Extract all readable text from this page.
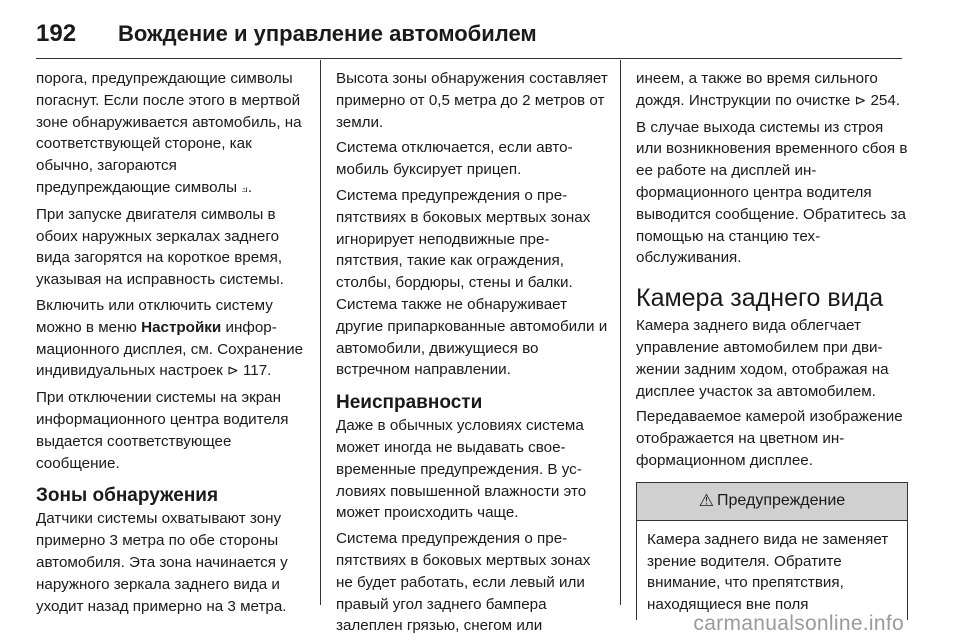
192	Вождение и управление автомобилем

порога, предупреждающие символы погаснут. Если после этого в мертвой зоне обнаруживается автомобиль, на соответствующей стороне, как обычно, загораются предупреждающие символы ⟓.

При запуске двигателя символы в обоих наружных зеркалах заднего вида загорятся на короткое время, указывая на исправность системы.

Включить или отключить систему можно в меню Настройки информационного дисплея, см. Сохранение индивидуальных настроек ⊳ 117.

При отключении системы на экран информационного центра водителя выдается соответствующее сообщение.

Зоны обнаружения

Датчики системы охватывают зону примерно 3 метра по обе стороны автомобиля. Эта зона начинается у наружного зеркала заднего вида и уходит назад примерно на 3 метра.

Высота зоны обнаружения составляет примерно от 0,5 метра до 2 метров от земли.

Система отключается, если автомобиль буксирует прицеп.

Система предупреждения о препятствиях в боковых мертвых зонах игнорирует неподвижные препятствия, такие как ограждения, столбы, бордюры, стены и балки. Система также не обнаруживает другие припаркованные автомобили и автомобили, движущиеся во встречном направлении.

Неисправности

Даже в обычных условиях система может иногда не выдавать своевременные предупреждения. В условиях повышенной влажности это может происходить чаще.

Система предупреждения о препятствиях в боковых мертвых зонах не будет работать, если левый или правый угол заднего бампера залеплен грязью, снегом или

инеем, а также во время сильного дождя. Инструкции по очистке ⊳ 254.

В случае выхода системы из строя или возникновения временного сбоя в ее работе на дисплей информационного центра водителя выводится сообщение. Обратитесь за помощью на станцию техобслуживания.

Камера заднего вида

Камера заднего вида облегчает управление автомобилем при движении задним ходом, отображая на дисплее участок за автомобилем.

Передаваемое камерой изображение отображается на цветном информационном дисплее.

⚠ Предупреждение

Камера заднего вида не заменяет зрение водителя. Обратите внимание, что препятствия, находящиеся вне поля

carmanualsonline.info
